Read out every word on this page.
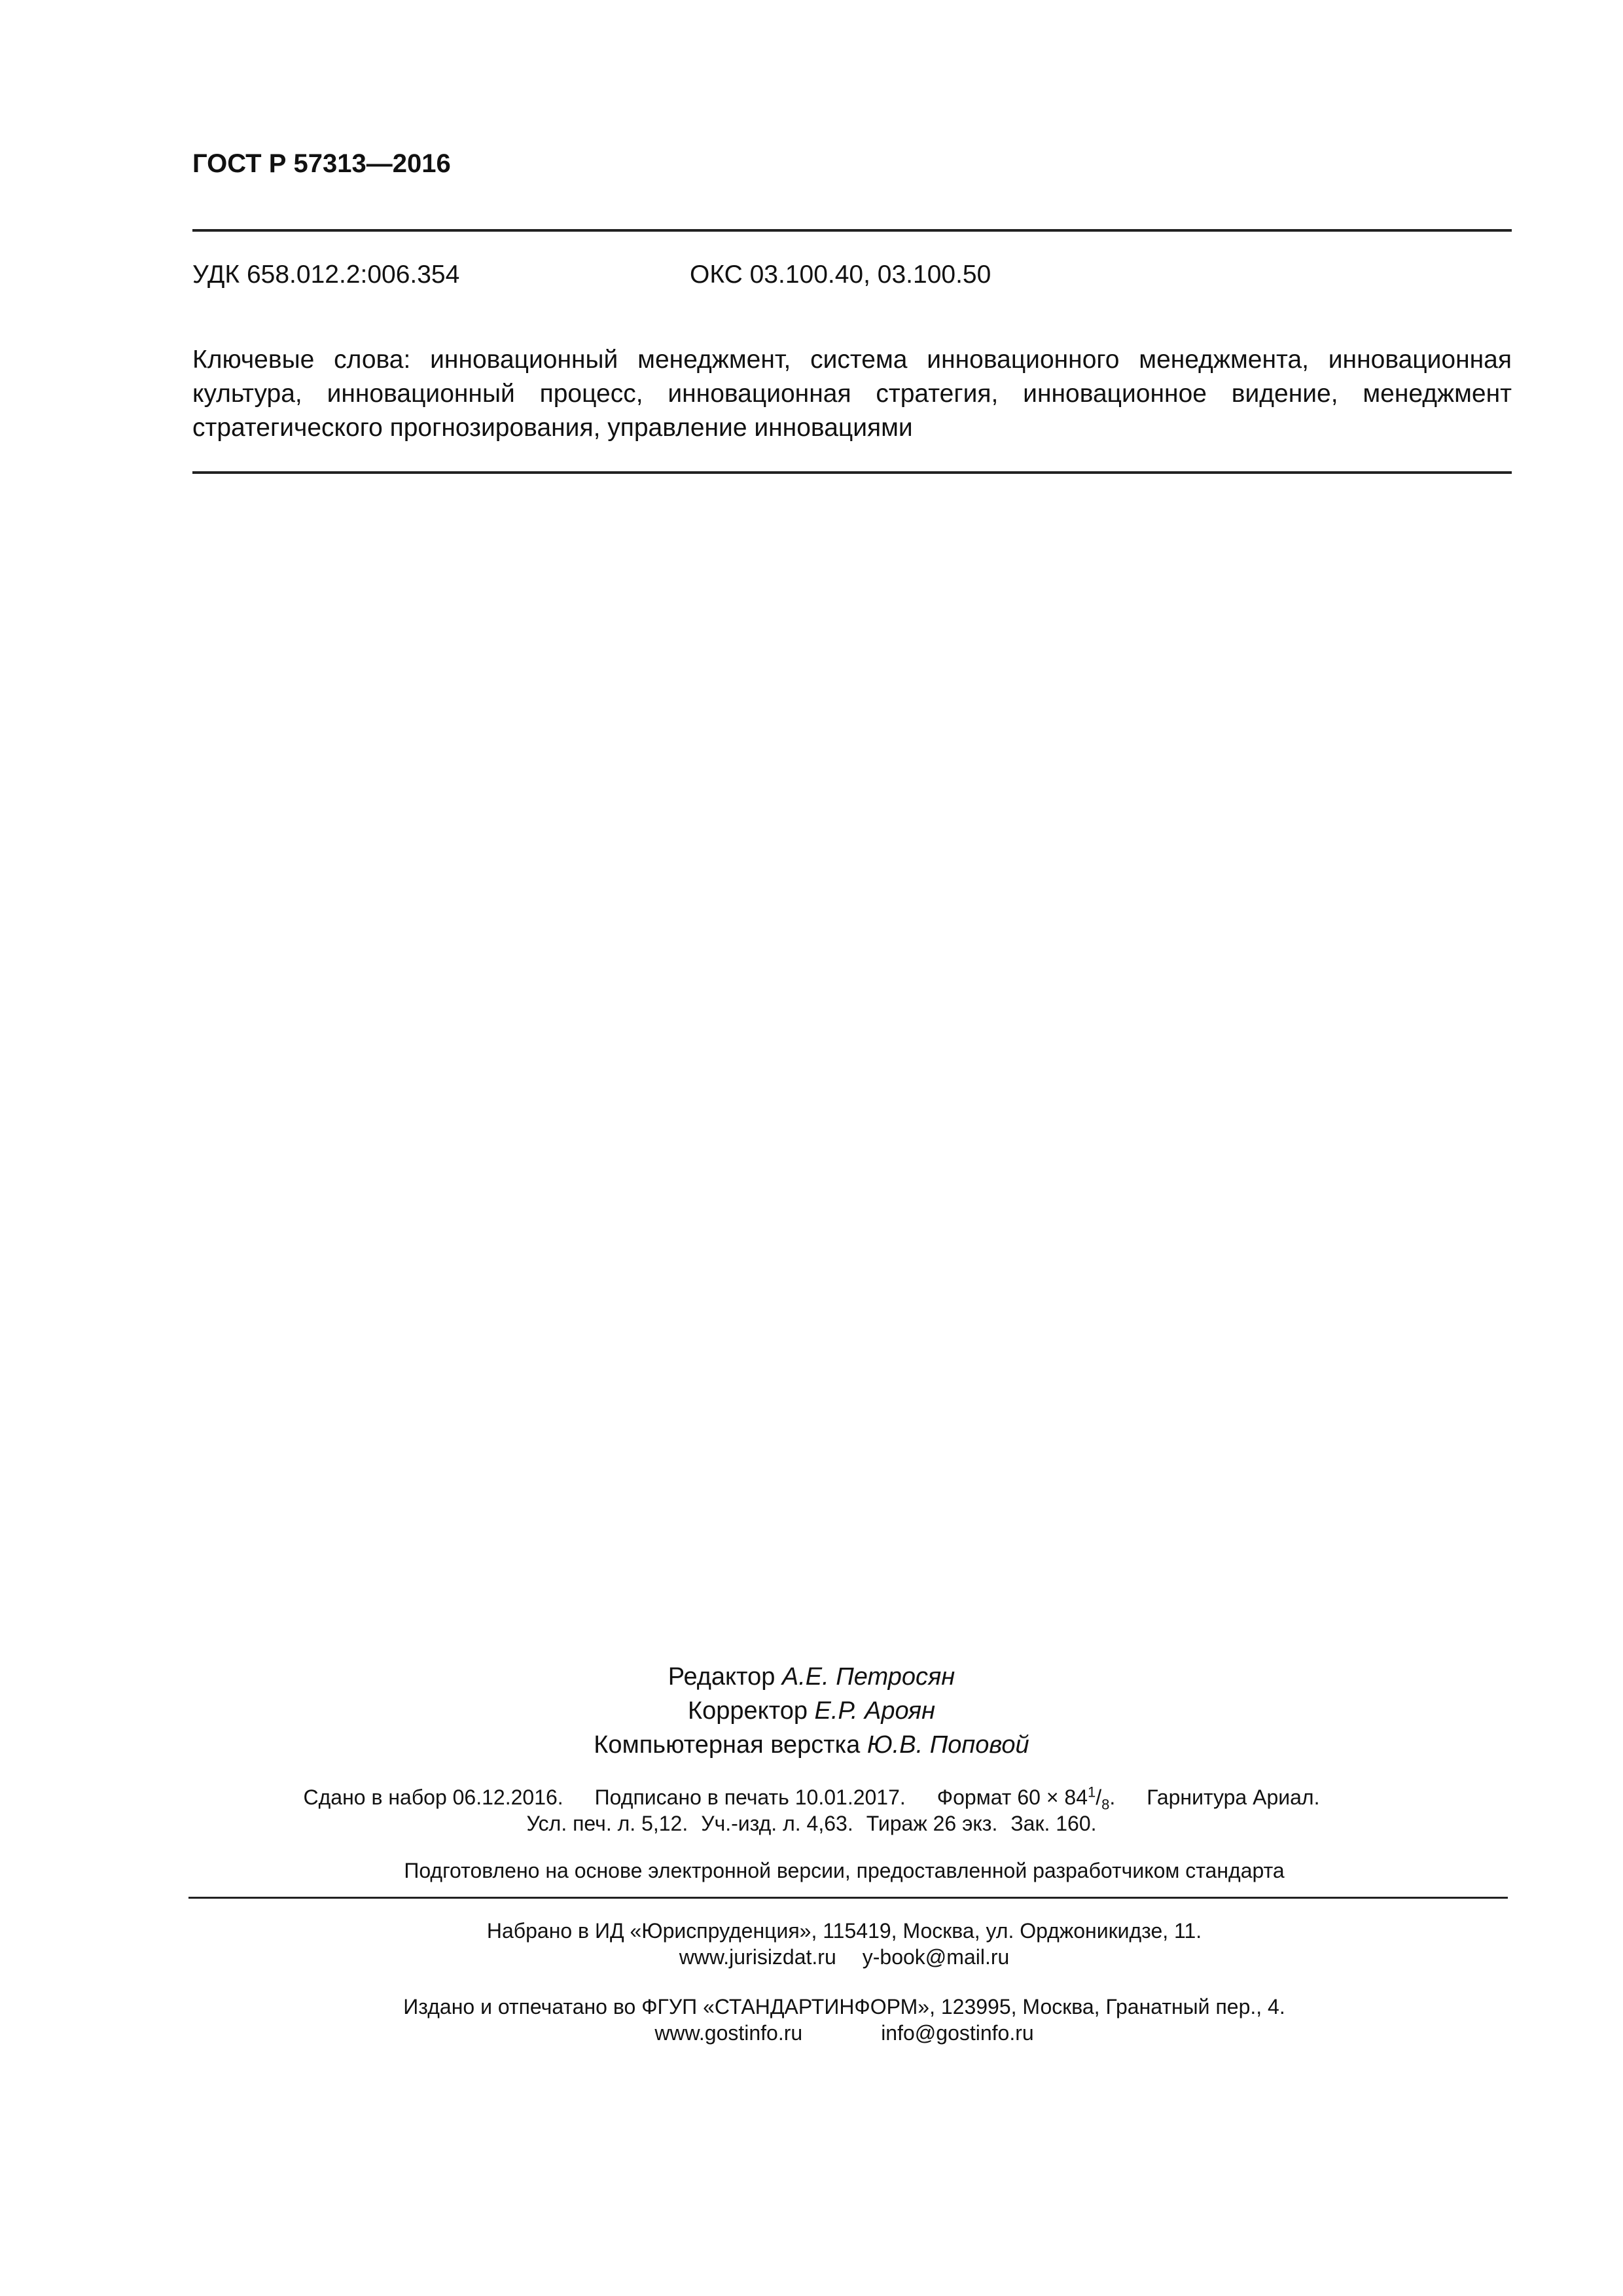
ГОСТ Р 57313—2016
УДК 658.012.2:006.354	ОКС 03.100.40, 03.100.50
Ключевые слова: инновационный менеджмент, система инновационного менеджмента, инновационная культура, инновационный процесс, инновационная стратегия, инновационное видение, менеджмент стратегического прогнозирования, управление инновациями
Редактор А.Е. Петросян
Корректор Е.Р. Ароян
Компьютерная верстка Ю.В. Поповой
Сдано в набор 06.12.2016. Подписано в печать 10.01.2017. Формат $60 \times 84^1/_8$. Гарнитура Ариал.
Усл. печ. л. 5,12. Уч.-изд. л. 4,63. Тираж 26 экз. Зак. 160.
Подготовлено на основе электронной версии, предоставленной разработчиком стандарта
Набрано в ИД «Юриспруденция», 115419, Москва, ул. Орджоникидзе, 11.
www.jurisizdat.ru y-book@mail.ru
Издано и отпечатано во ФГУП «СТАНДАРТИНФОРМ», 123995, Москва, Гранатный пер., 4.
www.gostinfo.ru	info@gostinfo.ru
